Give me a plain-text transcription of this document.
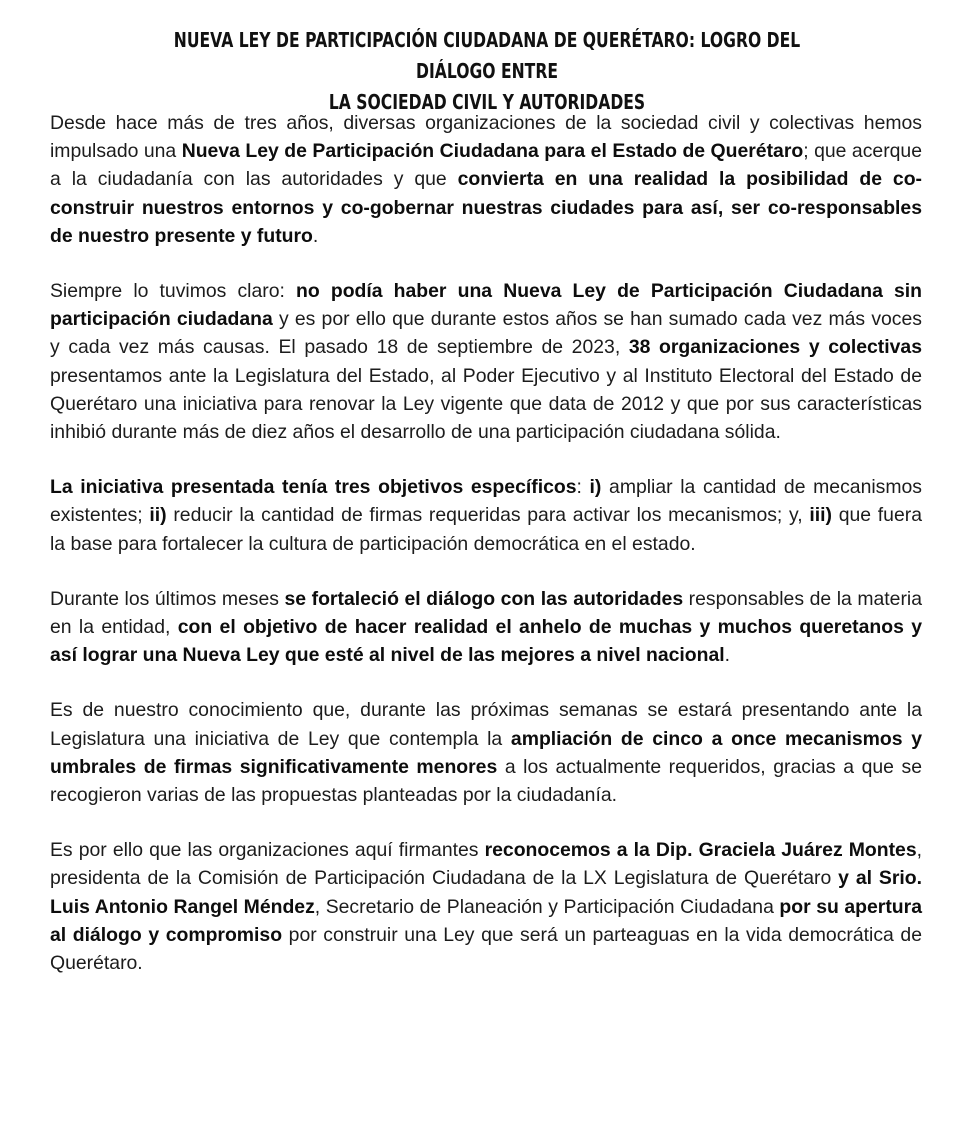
NUEVA LEY DE PARTICIPACIÓN CIUDADANA DE QUERÉTARO: LOGRO DEL DIÁLOGO ENTRE
LA SOCIEDAD CIVIL Y AUTORIDADES

Desde hace más de tres años, diversas organizaciones de la sociedad civil y colectivas hemos impulsado una Nueva Ley de Participación Ciudadana para el Estado de Querétaro; que acerque a la ciudadanía con las autoridades y que convierta en una realidad la posibilidad de co-construir nuestros entornos y co-gobernar nuestras ciudades para así, ser co-responsables de nuestro presente y futuro.

Siempre lo tuvimos claro: no podía haber una Nueva Ley de Participación Ciudadana sin participación ciudadana y es por ello que durante estos años se han sumado cada vez más voces y cada vez más causas. El pasado 18 de septiembre de 2023, 38 organizaciones y colectivas presentamos ante la Legislatura del Estado, al Poder Ejecutivo y al Instituto Electoral del Estado de Querétaro una iniciativa para renovar la Ley vigente que data de 2012 y que por sus características inhibió durante más de diez años el desarrollo de una participación ciudadana sólida.

La iniciativa presentada tenía tres objetivos específicos: i) ampliar la cantidad de mecanismos existentes; ii) reducir la cantidad de firmas requeridas para activar los mecanismos; y, iii) que fuera la base para fortalecer la cultura de participación democrática en el estado.

Durante los últimos meses se fortaleció el diálogo con las autoridades responsables de la materia en la entidad, con el objetivo de hacer realidad el anhelo de muchas y muchos queretanos y así lograr una Nueva Ley que esté al nivel de las mejores a nivel nacional.

Es de nuestro conocimiento que, durante las próximas semanas se estará presentando ante la Legislatura una iniciativa de Ley que contempla la ampliación de cinco a once mecanismos y umbrales de firmas significativamente menores a los actualmente requeridos, gracias a que se recogieron varias de las propuestas planteadas por la ciudadanía.

Es por ello que las organizaciones aquí firmantes reconocemos a la Dip. Graciela Juárez Montes, presidenta de la Comisión de Participación Ciudadana de la LX Legislatura de Querétaro y al Srio. Luis Antonio Rangel Méndez, Secretario de Planeación y Participación Ciudadana por su apertura al diálogo y compromiso por construir una Ley que será un parteaguas en la vida democrática de Querétaro.
